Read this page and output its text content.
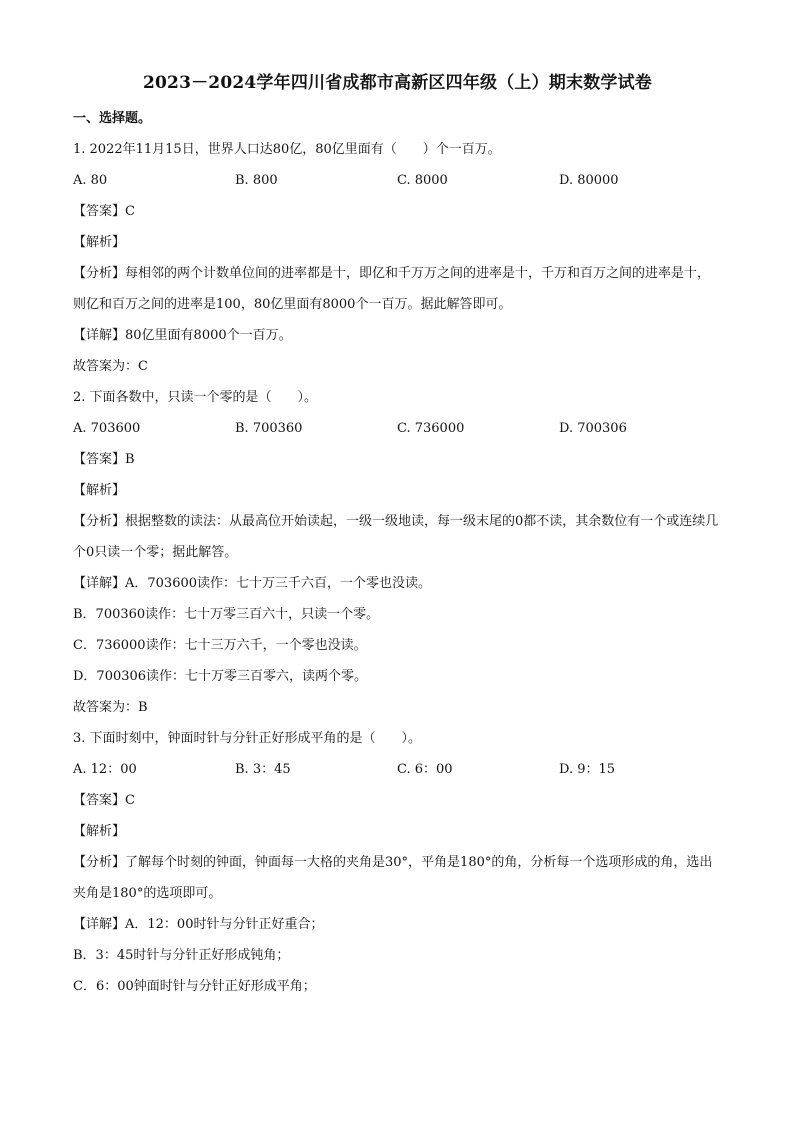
2023－2024学年四川省成都市高新区四年级（上）期末数学试卷
一、选择题。
1. 2022年11月15日，世界人口达80亿，80亿里面有（　　）个一百万。
A. 80	B. 800	C. 8000	D. 80000
【答案】C
【解析】
【分析】每相邻的两个计数单位间的进率都是十，即亿和千万万之间的进率是十，千万和百万之间的进率是十，则亿和百万之间的进率是100，80亿里面有8000个一百万。据此解答即可。
【详解】80亿里面有8000个一百万。
故答案为：C
2. 下面各数中，只读一个零的是（　　）。
A. 703600	B. 700360	C. 736000	D. 700306
【答案】B
【解析】
【分析】根据整数的读法：从最高位开始读起，一级一级地读，每一级末尾的0都不读，其余数位有一个或连续几个0只读一个零；据此解答。
【详解】A．703600读作：七十万三千六百，一个零也没读。
B．700360读作：七十万零三百六十，只读一个零。
C．736000读作：七十三万六千，一个零也没读。
D．700306读作：七十万零三百零六，读两个零。
故答案为：B
3. 下面时刻中，钟面时针与分针正好形成平角的是（　　）。
A. 12：00	B. 3：45	C. 6：00	D. 9：15
【答案】C
【解析】
【分析】了解每个时刻的钟面，钟面每一大格的夹角是30°，平角是180°的角，分析每一个选项形成的角，选出夹角是180°的选项即可。
【详解】A．12：00时针与分针正好重合；
B．3：45时针与分针正好形成钝角；
C．6：00钟面时针与分针正好形成平角；
